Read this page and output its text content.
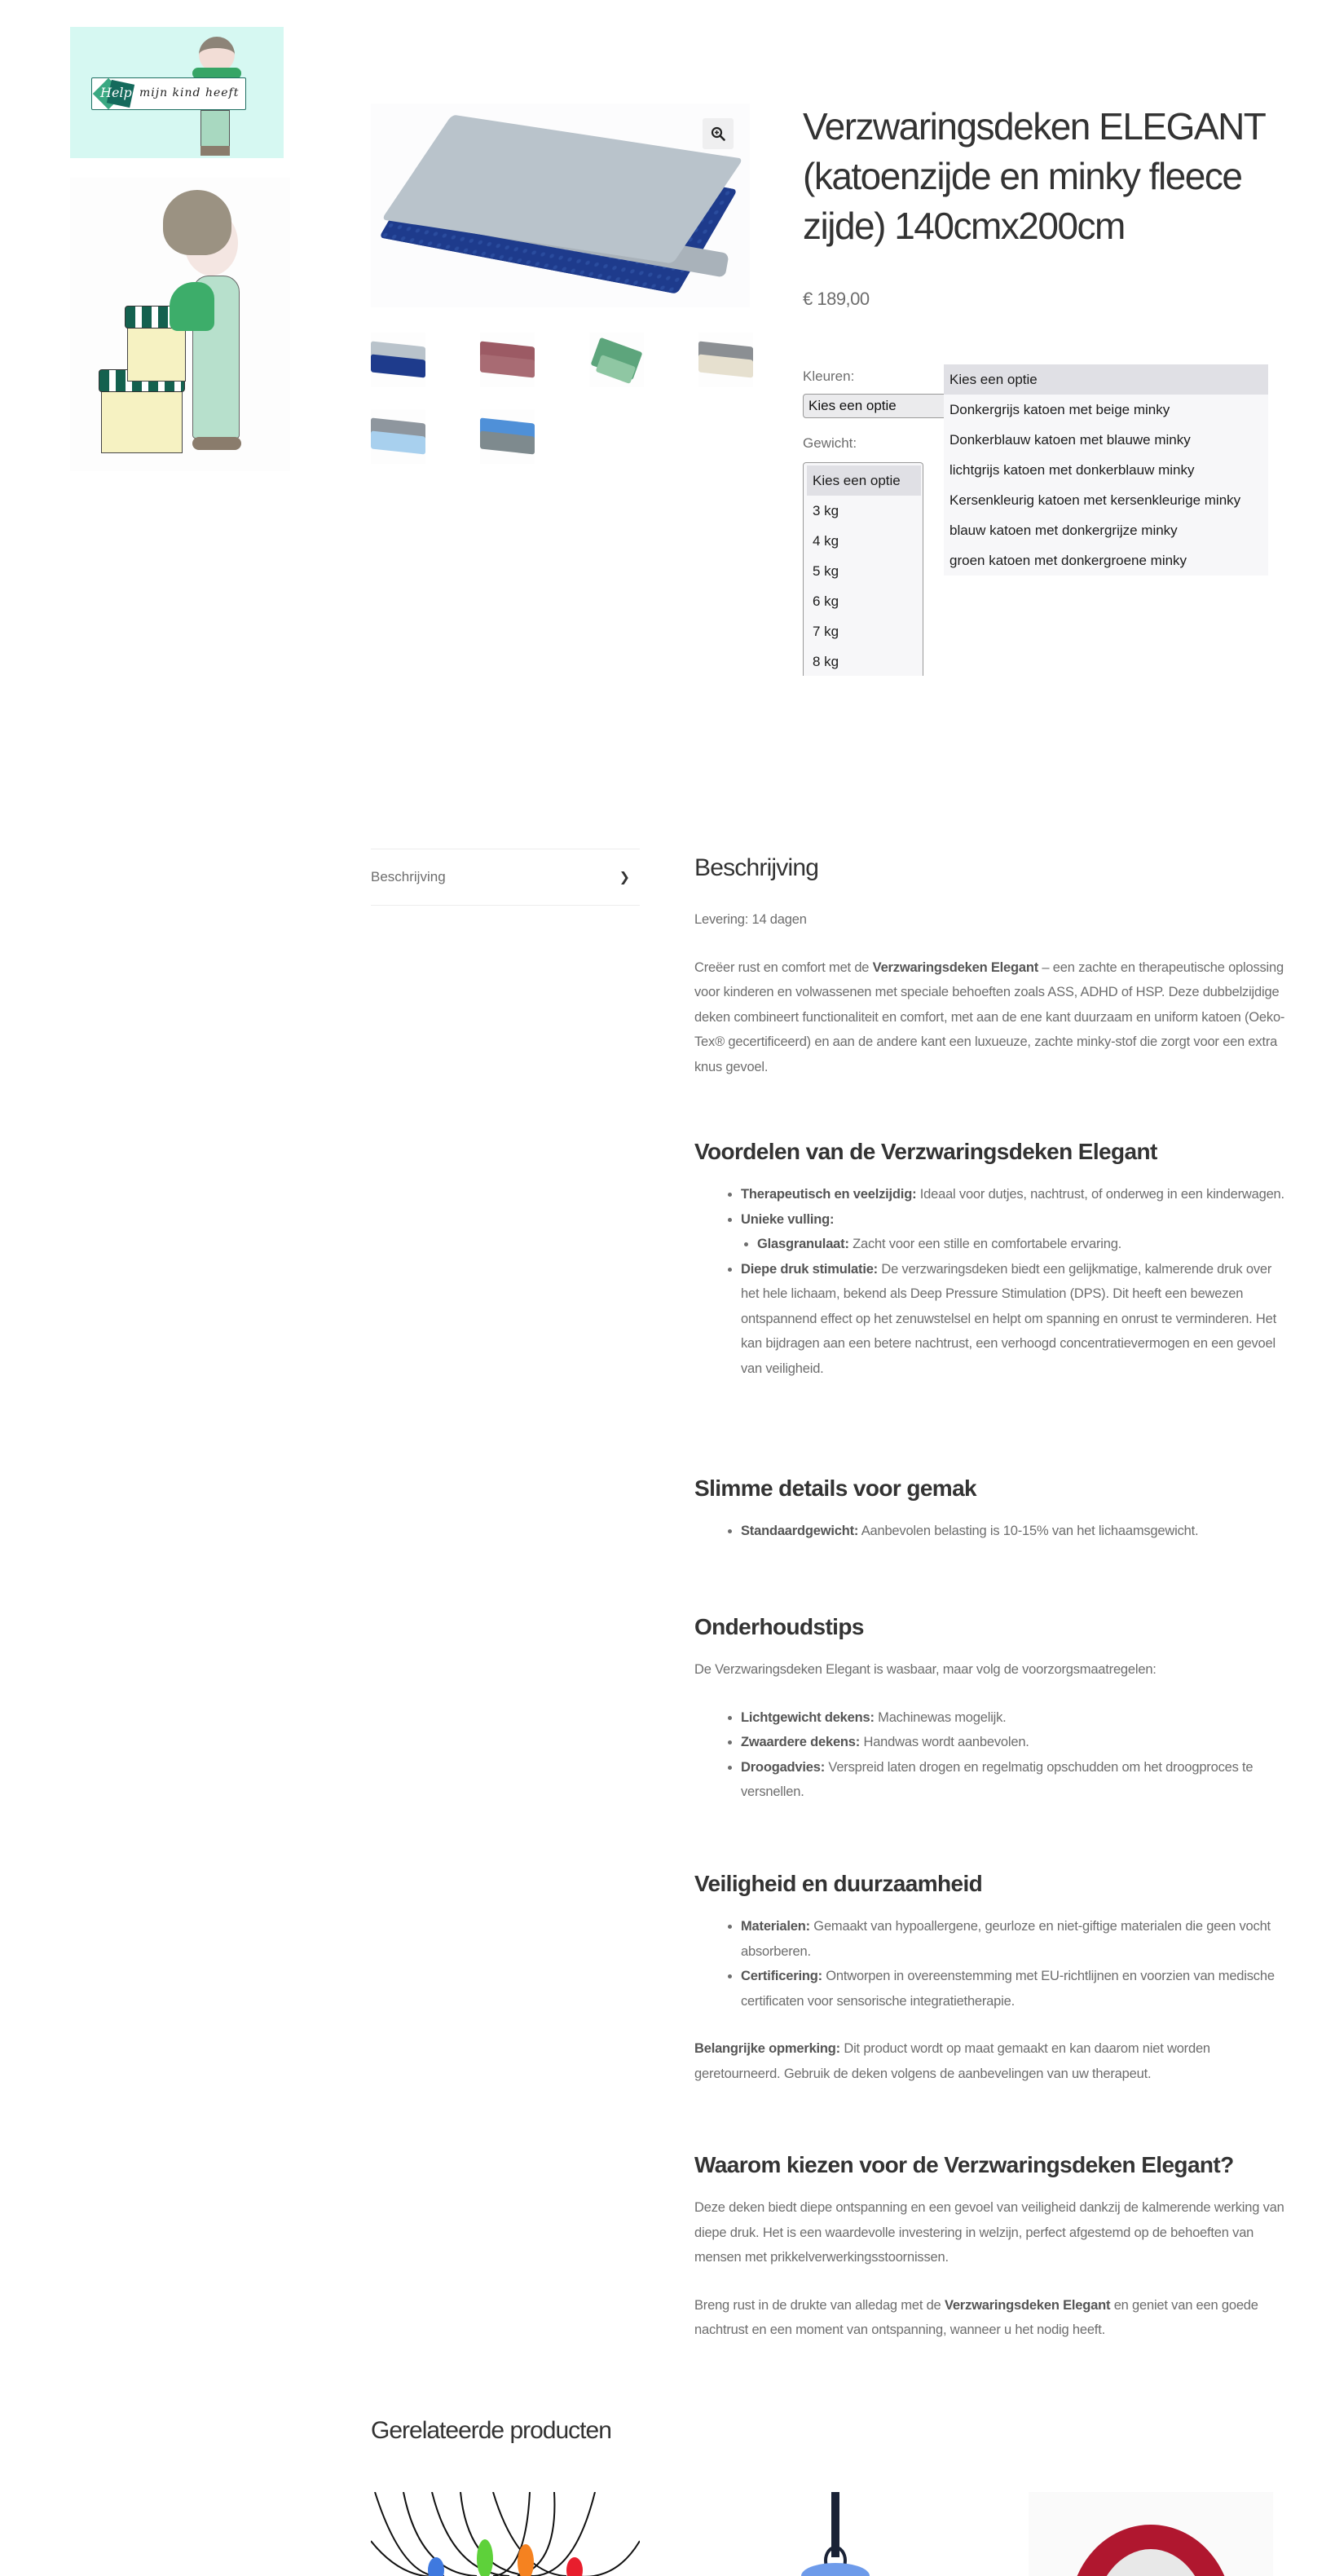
Help mijn kind heeft
Verzwaringsdeken ELEGANT (katoenzijde en minky fleece zijde) 140cmx200cm
€ 189,00
Kleuren:
Kies een optie
Kies een optie
Donkergrijs katoen met beige minky
Donkerblauw katoen met blauwe minky
lichtgrijs katoen met donkerblauw minky
Kersenkleurig katoen met kersenkleurige minky
blauw katoen met donkergrijze minky
groen katoen met donkergroene minky
Gewicht:
Kies een optie
3 kg
4 kg
5 kg
6 kg
7 kg
8 kg
Beschrijving	❯	Beschrijving

Levering: 14 dagen

Creëer rust en comfort met de Verzwaringsdeken Elegant – een zachte en therapeutische oplossing voor kinderen en volwassenen met speciale behoeften zoals ASS, ADHD of HSP. Deze dubbelzijdige deken combineert functionaliteit en comfort, met aan de ene kant duurzaam en uniform katoen (Oeko-Tex® gecertificeerd) en aan de andere kant een luxueuze, zachte minky-stof die zorgt voor een extra knus gevoel.

Voordelen van de Verzwaringsdeken Elegant
• Therapeutisch en veelzijdig: Ideaal voor dutjes, nachtrust, of onderweg in een kinderwagen.
• Unieke vulling:
• Glasgranulaat: Zacht voor een stille en comfortabele ervaring.
• Diepe druk stimulatie: De verzwaringsdeken biedt een gelijkmatige, kalmerende druk over het hele lichaam, bekend als Deep Pressure Stimulation (DPS). Dit heeft een bewezen ontspannend effect op het zenuwstelsel en helpt om spanning en onrust te verminderen. Het kan bijdragen aan een betere nachtrust, een verhoogd concentratievermogen en een gevoel van veiligheid.
Slimme details voor gemak
• Standaardgewicht: Aanbevolen belasting is 10-15% van het lichaamsgewicht.
Onderhoudstips

De Verzwaringsdeken Elegant is wasbaar, maar volg de voorzorgsmaatregelen:

• Lichtgewicht dekens: Machinewas mogelijk.
• Zwaardere dekens: Handwas wordt aanbevolen.
• Droogadvies: Verspreid laten drogen en regelmatig opschudden om het droogproces te versnellen.
Veiligheid en duurzaamheid
• Materialen: Gemaakt van hypoallergene, geurloze en niet-giftige materialen die geen vocht absorberen.
• Certificering: Ontworpen in overeenstemming met EU-richtlijnen en voorzien van medische certificaten voor sensorische integratietherapie.

Belangrijke opmerking: Dit product wordt op maat gemaakt en kan daarom niet worden geretourneerd. Gebruik de deken volgens de aanbevelingen van uw therapeut.

Waarom kiezen voor de Verzwaringsdeken Elegant?

Deze deken biedt diepe ontspanning en een gevoel van veiligheid dankzij de kalmerende werking van diepe druk. Het is een waardevolle investering in welzijn, perfect afgestemd op de behoeften van mensen met prikkelverwerkingsstoornissen.

Breng rust in de drukte van alledag met de Verzwaringsdeken Elegant en geniet van een goede nachtrust en een moment van ontspanning, wanneer u het nodig heeft.

Gerelateerde producten
